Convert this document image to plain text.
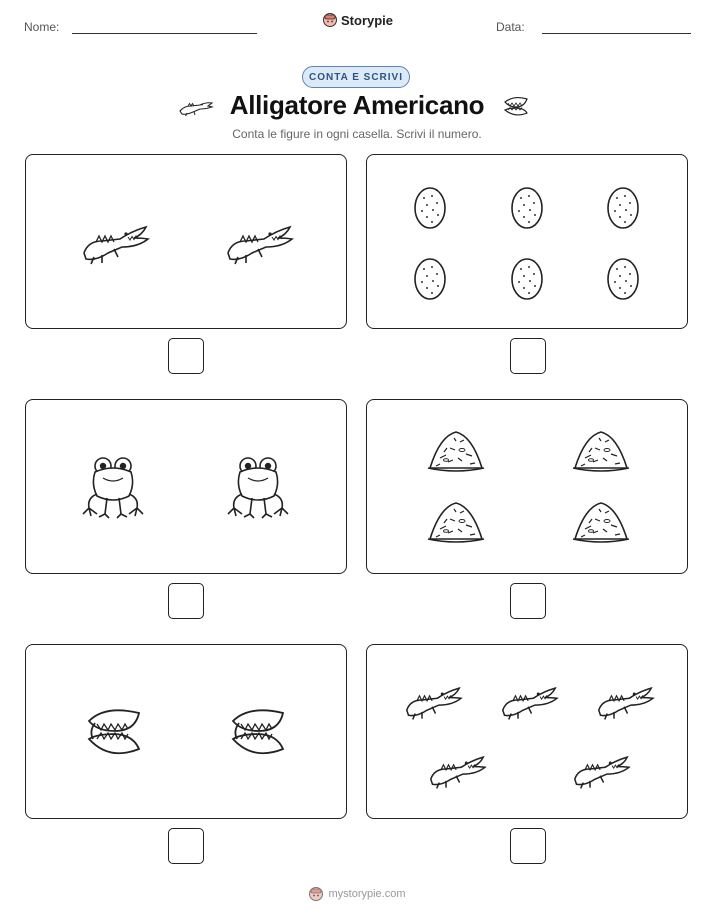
Nome:	Storypie	Data:
CONTA E SCRIVI
Alligatore Americano
Conta le figure in ogni casella. Scrivi il numero.
mystorypie.com
